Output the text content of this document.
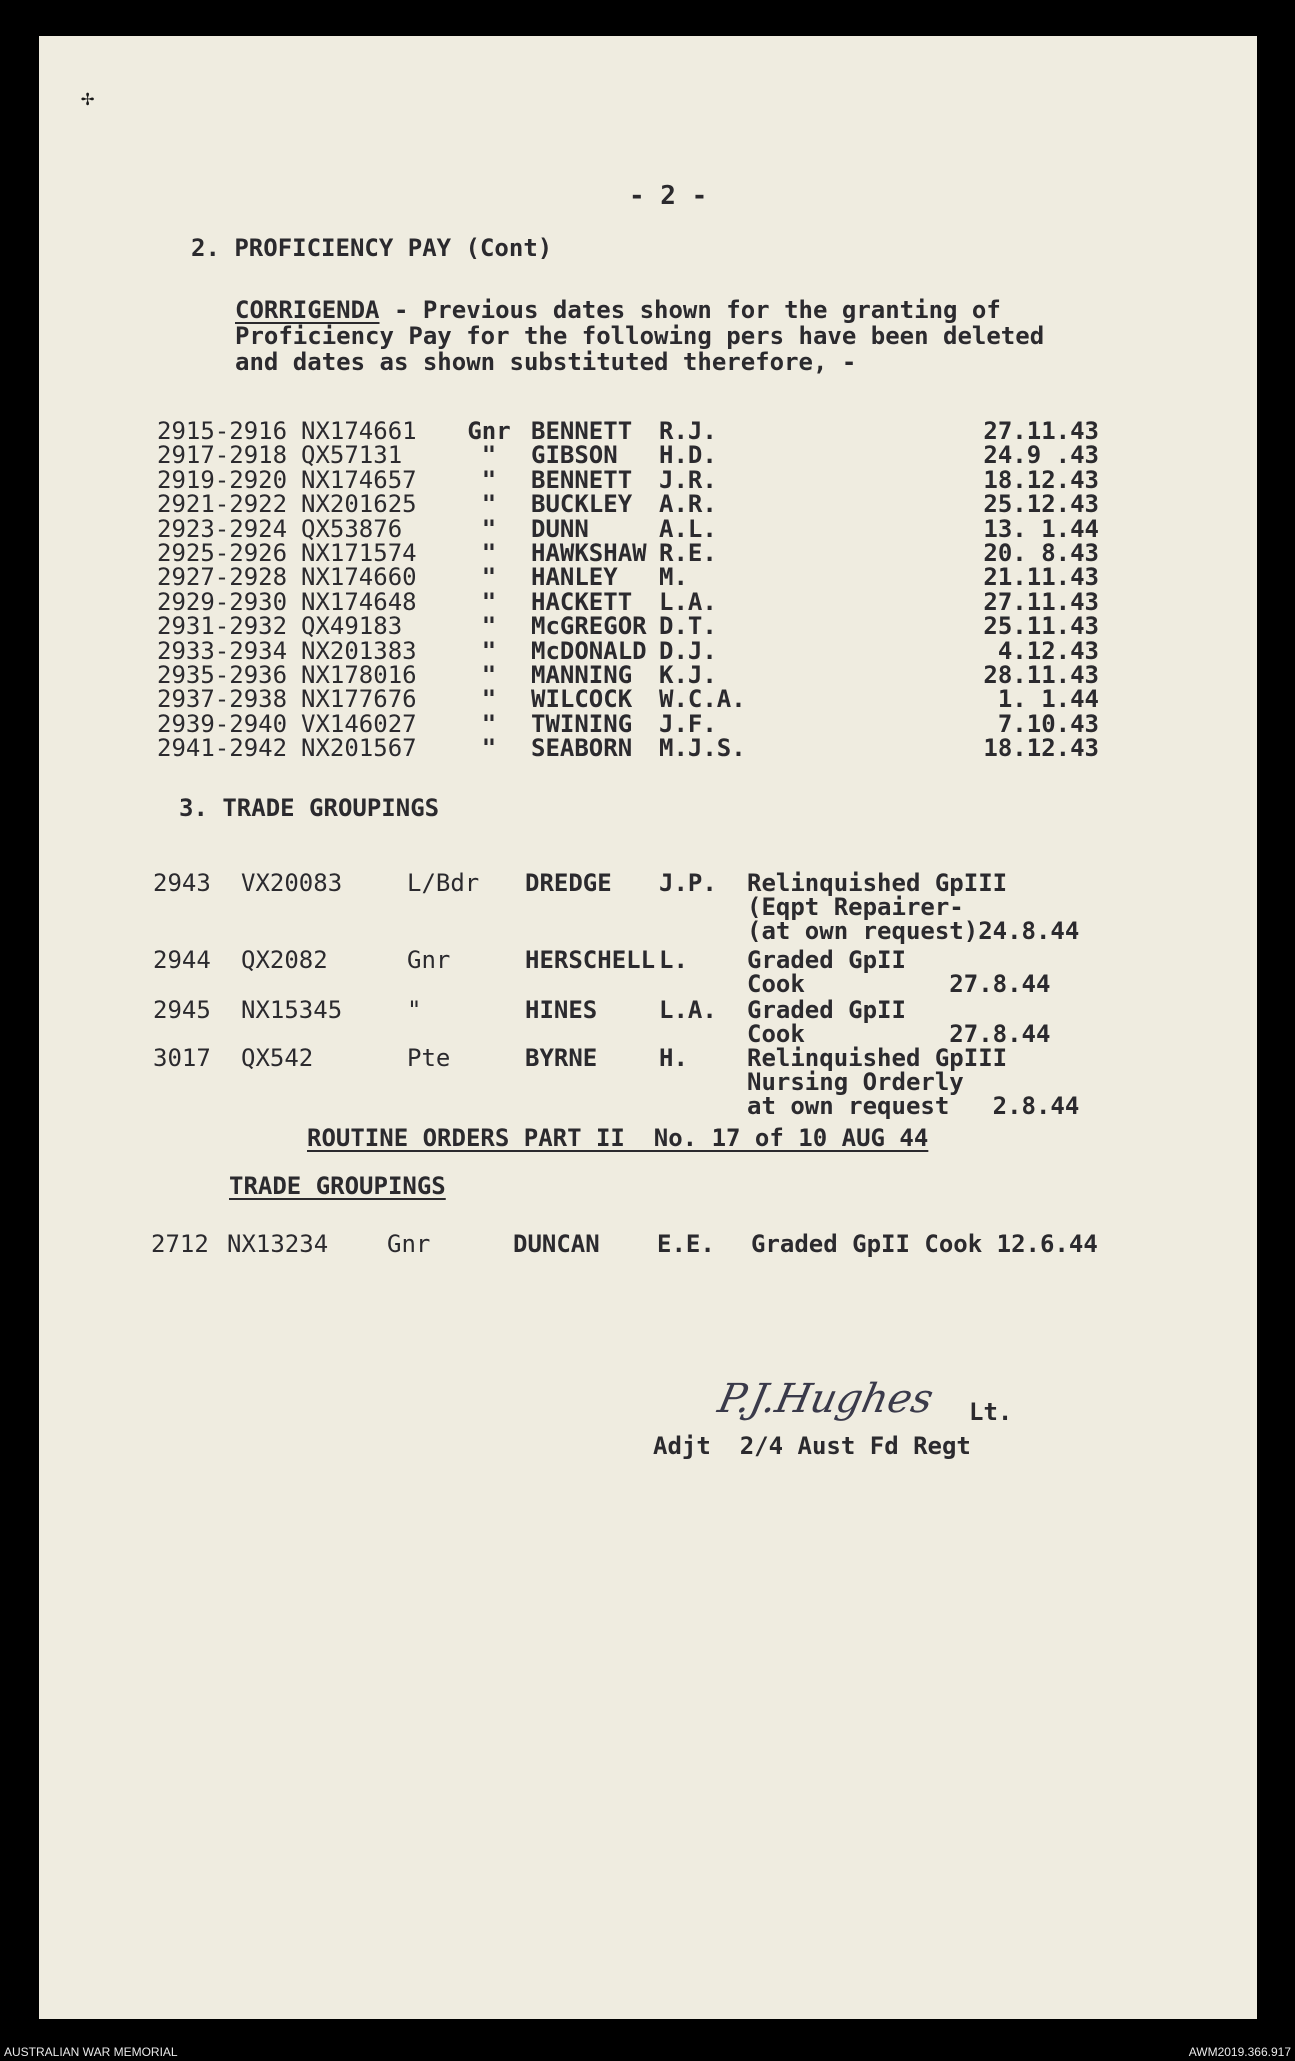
✢
- 2 -
2. PROFICIENCY PAY (Cont)
CORRIGENDA - Previous dates shown for the granting of
Proficiency Pay for the following pers have been deleted
and dates as shown substituted therefore, -
2915-2916 NX174661 Gnr BENNETT R.J.	27.11.43
2917-2918 QX57131	"	GIBSON H.D.	24.9 .43
2919-2920 NX174657	"	BENNETT J.R.	18.12.43
2921-2922 NX201625	"	BUCKLEY A.R.	25.12.43
2923-2924 QX53876	"	DUNN	A.L.	13. 1.44
2925-2926 NX171574	"	HAWKSHAW R.E.	20. 8.43
2927-2928 NX174660	"	HANLEY M.	21.11.43
2929-2930 NX174648	"	HACKETT L.A.	27.11.43
2931-2932 QX49183	"	McGREGOR D.T.	25.11.43
2933-2934 NX201383	"	McDONALD D.J.	4.12.43
2935-2936 NX178016	"	MANNING K.J.	28.11.43
2937-2938 NX177676	"	WILCOCK W.C.A.	1. 1.44
2939-2940 VX146027	"	TWINING J.F.	7.10.43
2941-2942 NX201567	"	SEABORN M.J.S.	18.12.43
3. TRADE GROUPINGS
2943 VX20083	L/Bdr DREDGE J.P. Relinquished GpIII
(Eqpt Repairer-
(at own request)24.8.44
2944 QX2082	Gnr	HERSCHELL L. Graded GpII
Cook          27.8.44
2945 NX15345	"	HINES	L.A. Graded GpII
Cook          27.8.44
3017 QX542	Pte	BYRNE	H. Relinquished GpIII
Nursing Orderly
at own request   2.8.44
ROUTINE ORDERS PART II  No. 17 of 10 AUG 44
TRADE GROUPINGS
2712 NX13234 Gnr	DUNCAN E.E. Graded GpII Cook 12.6.44
P.J.Hughes Lt.
Adjt  2/4 Aust Fd Regt
AUSTRALIAN WAR MEMORIAL	AWM2019.366.917
